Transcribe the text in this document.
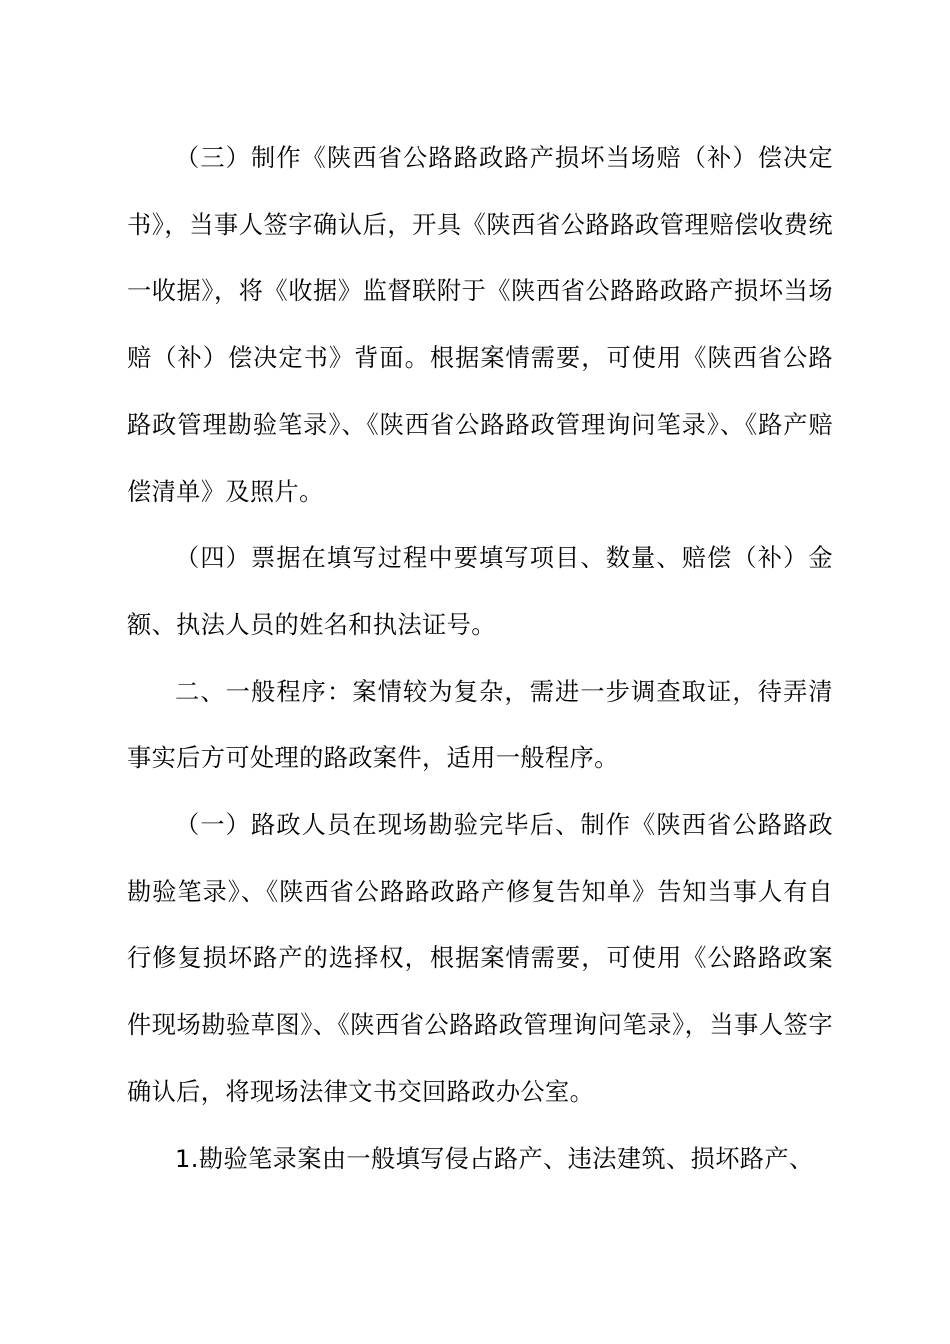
（三）制作《陕西省公路路政路产损坏当场赔（补）偿决定书》，当事人签字确认后，开具《陕西省公路路政管理赔偿收费统一收据》，将《收据》监督联附于《陕西省公路路政路产损坏当场赔（补）偿决定书》背面。根据案情需要，可使用《陕西省公路路政管理勘验笔录》、《陕西省公路路政管理询问笔录》、《路产赔偿清单》及照片。

（四）票据在填写过程中要填写项目、数量、赔偿（补）金额、执法人员的姓名和执法证号。

二、一般程序：案情较为复杂，需进一步调查取证，待弄清事实后方可处理的路政案件，适用一般程序。

（一）路政人员在现场勘验完毕后、制作《陕西省公路路政勘验笔录》、《陕西省公路路政路产修复告知单》告知当事人有自行修复损坏路产的选择权，根据案情需要，可使用《公路路政案件现场勘验草图》、《陕西省公路路政管理询问笔录》，当事人签字确认后，将现场法律文书交回路政办公室。

1.勘验笔录案由一般填写侵占路产、违法建筑、损坏路产、
